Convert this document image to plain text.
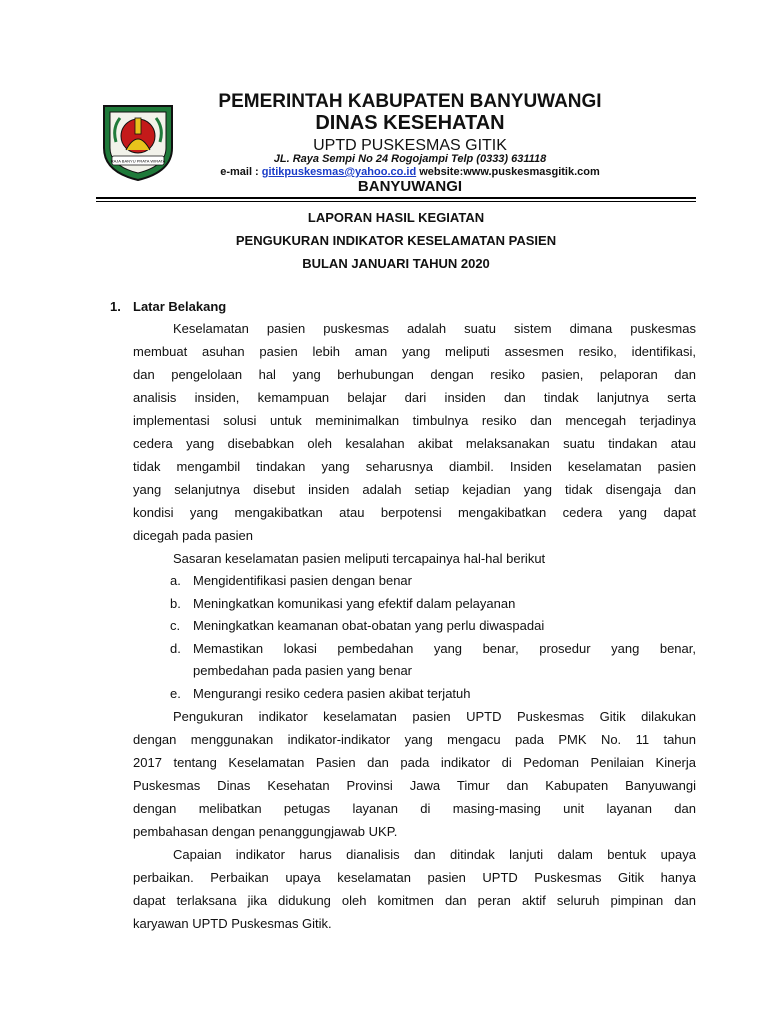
RAJA BANYU PRATA WIRATA
PEMERINTAH KABUPATEN BANYUWANGI
DINAS KESEHATAN
UPTD PUSKESMAS GITIK
JL. Raya Sempi No 24 Rogojampi Telp (0333) 631118
e-mail : gitikpuskesmas@yahoo.co.id website:www.puskesmasgitik.com
BANYUWANGI
LAPORAN HASIL KEGIATAN
PENGUKURAN INDIKATOR KESELAMATAN PASIEN
BULAN JANUARI TAHUN 2020
1. Latar Belakang
Keselamatan pasien puskesmas adalah suatu sistem dimana puskesmas
membuat asuhan pasien lebih aman yang meliputi assesmen resiko, identifikasi,
dan pengelolaan hal yang berhubungan dengan resiko pasien, pelaporan dan
analisis insiden, kemampuan belajar dari insiden dan tindak lanjutnya serta
implementasi solusi untuk meminimalkan timbulnya resiko dan mencegah terjadinya
cedera yang disebabkan oleh kesalahan akibat melaksanakan suatu tindakan atau
tidak mengambil tindakan yang seharusnya diambil. Insiden keselamatan pasien
yang selanjutnya disebut insiden adalah setiap kejadian yang tidak disengaja dan
kondisi yang mengakibatkan atau berpotensi mengakibatkan cedera yang dapat
dicegah pada pasien
Sasaran keselamatan pasien meliputi tercapainya hal-hal berikut
a. Mengidentifikasi pasien dengan benar
b. Meningkatkan komunikasi yang efektif dalam pelayanan
c. Meningkatkan keamanan obat-obatan yang perlu diwaspadai
d. Memastikan lokasi pembedahan yang benar, prosedur yang benar,
pembedahan pada pasien yang benar
e. Mengurangi resiko cedera pasien akibat terjatuh
Pengukuran indikator keselamatan pasien UPTD Puskesmas Gitik dilakukan
dengan menggunakan indikator-indikator yang mengacu pada PMK No. 11 tahun
2017 tentang Keselamatan Pasien dan pada indikator di Pedoman Penilaian Kinerja
Puskesmas Dinas Kesehatan Provinsi Jawa Timur dan Kabupaten Banyuwangi
dengan melibatkan petugas layanan di masing-masing unit layanan dan
pembahasan dengan penanggungjawab UKP.
Capaian indikator harus dianalisis dan ditindak lanjuti dalam bentuk upaya
perbaikan. Perbaikan upaya keselamatan pasien UPTD Puskesmas Gitik hanya
dapat terlaksana jika didukung oleh komitmen dan peran aktif seluruh pimpinan dan
karyawan UPTD Puskesmas Gitik.
